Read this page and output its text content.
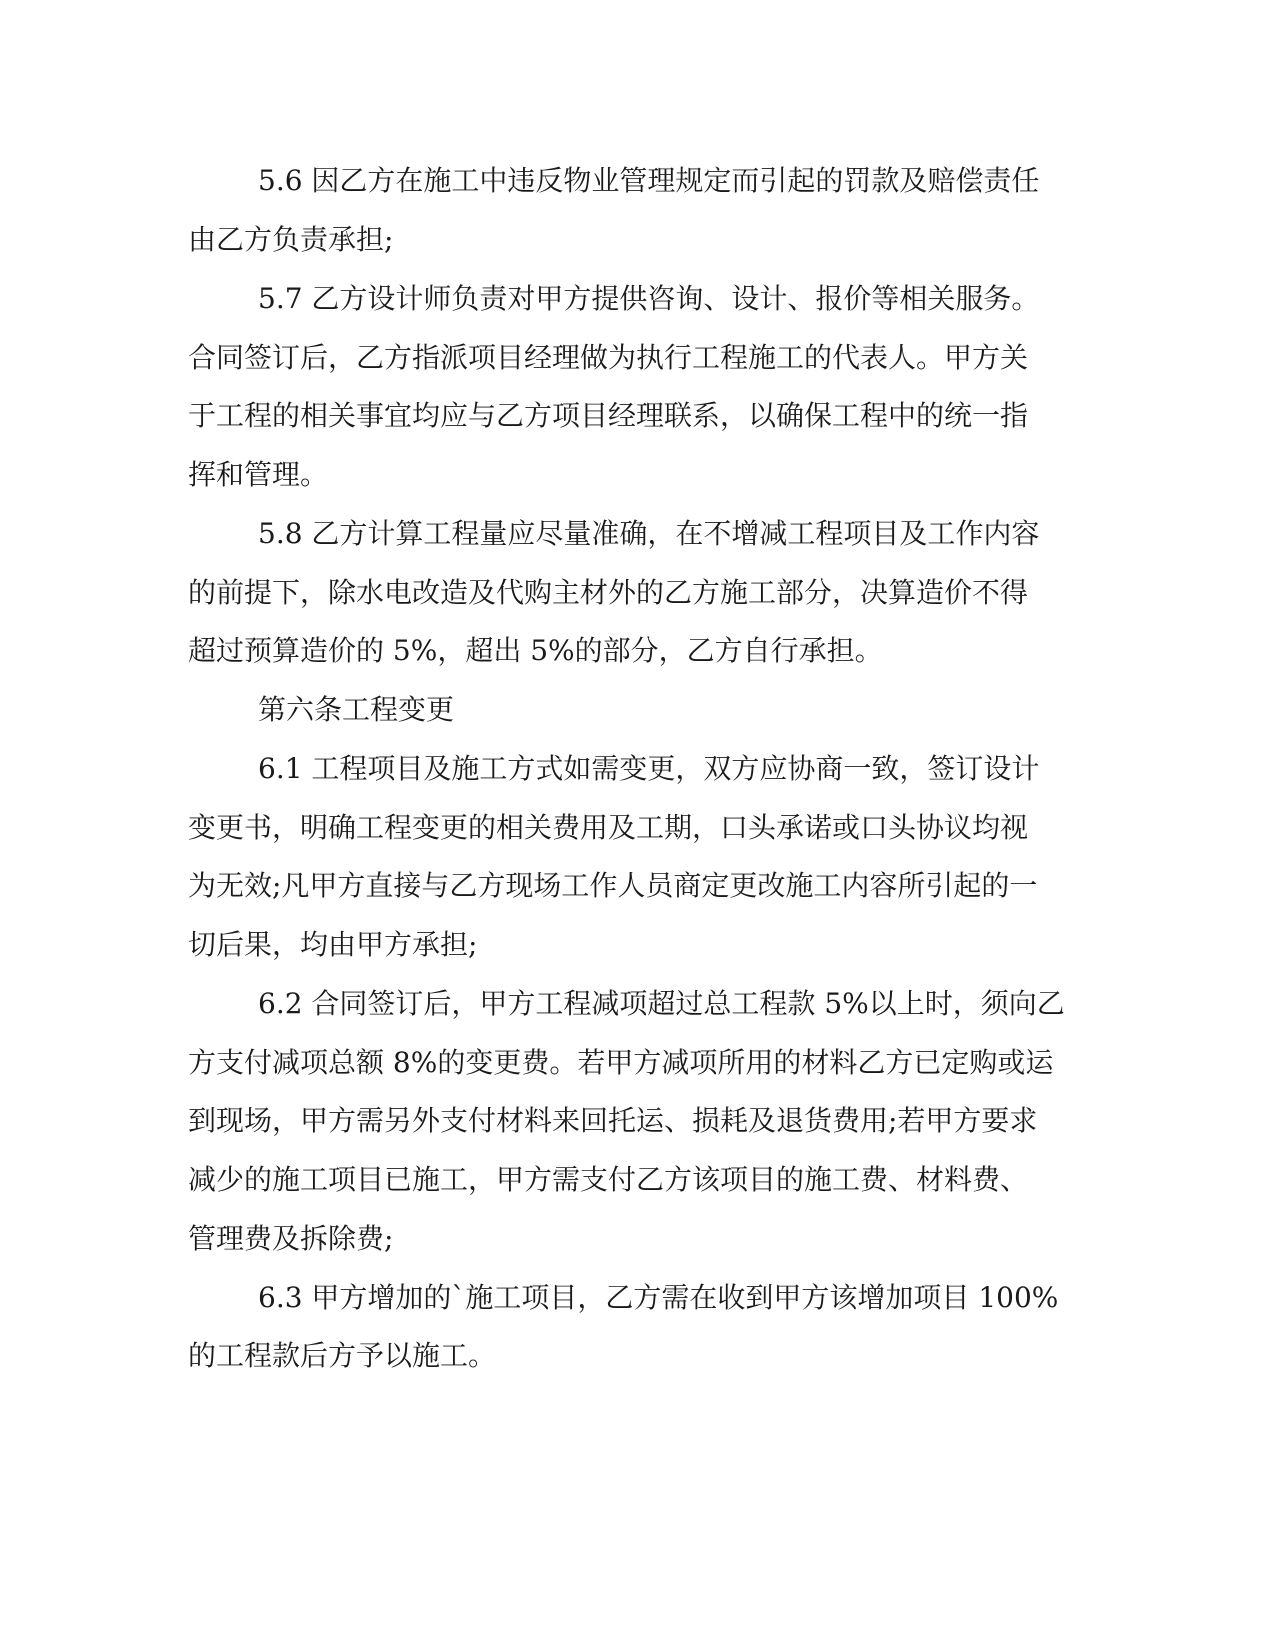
5.6 因乙方在施工中违反物业管理规定而引起的罚款及赔偿责任

由乙方负责承担;

5.7 乙方设计师负责对甲方提供咨询、设计、报价等相关服务。

合同签订后，乙方指派项目经理做为执行工程施工的代表人。甲方关

于工程的相关事宜均应与乙方项目经理联系，以确保工程中的统一指

挥和管理。

5.8 乙方计算工程量应尽量准确，在不增减工程项目及工作内容

的前提下，除水电改造及代购主材外的乙方施工部分，决算造价不得

超过预算造价的 5%，超出 5%的部分，乙方自行承担。

第六条工程变更

6.1 工程项目及施工方式如需变更，双方应协商一致，签订设计

变更书，明确工程变更的相关费用及工期，口头承诺或口头协议均视

为无效;凡甲方直接与乙方现场工作人员商定更改施工内容所引起的一

切后果，均由甲方承担;

6.2 合同签订后，甲方工程减项超过总工程款 5%以上时，须向乙

方支付减项总额 8%的变更费。若甲方减项所用的材料乙方已定购或运

到现场，甲方需另外支付材料来回托运、损耗及退货费用;若甲方要求

减少的施工项目已施工，甲方需支付乙方该项目的施工费、材料费、

管理费及拆除费;

6.3 甲方增加的`施工项目，乙方需在收到甲方该增加项目 100%

的工程款后方予以施工。
